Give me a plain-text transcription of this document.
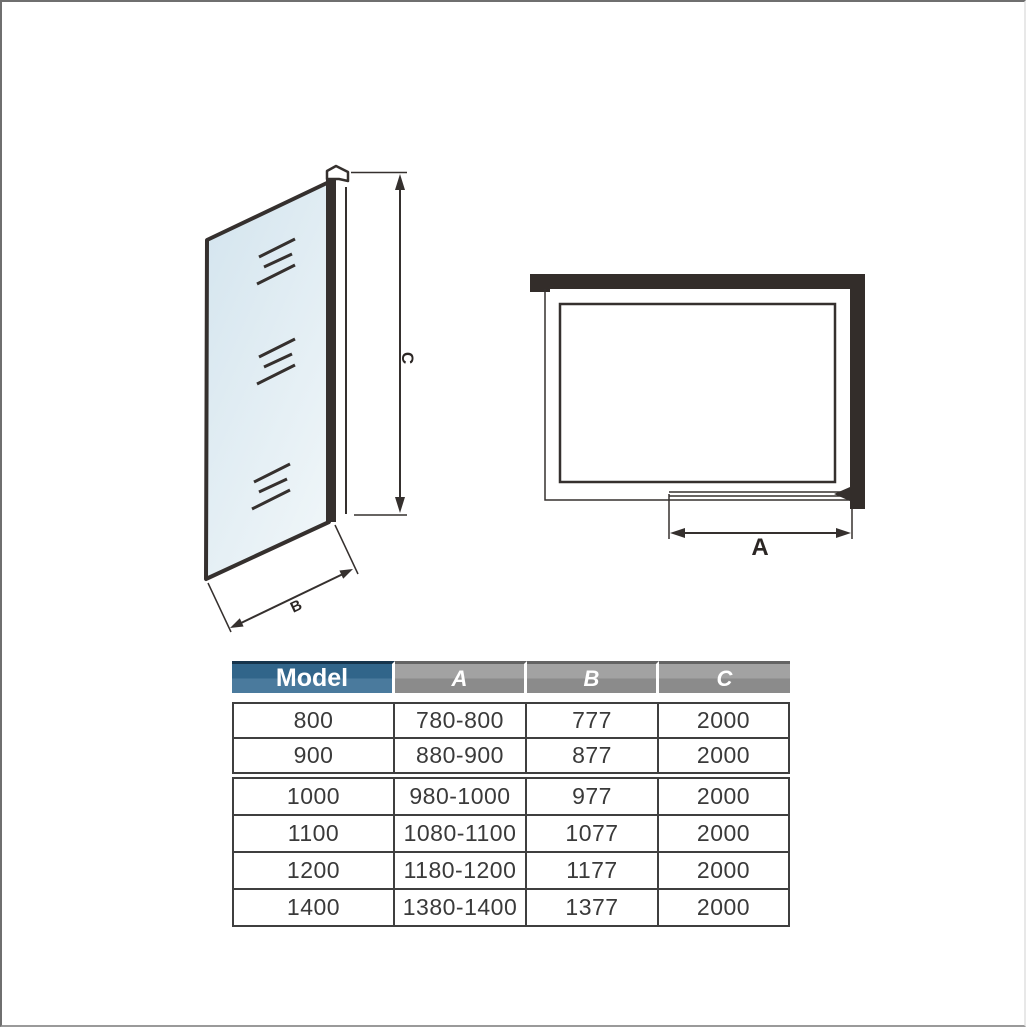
C
B
A
Model	A	B	C
800	780-800	777	2000
900	880-900	877	2000
1000	980-1000	977	2000
1100	1080-1100	1077	2000
1200	1180-1200	1177	2000
1400	1380-1400	1377	2000
